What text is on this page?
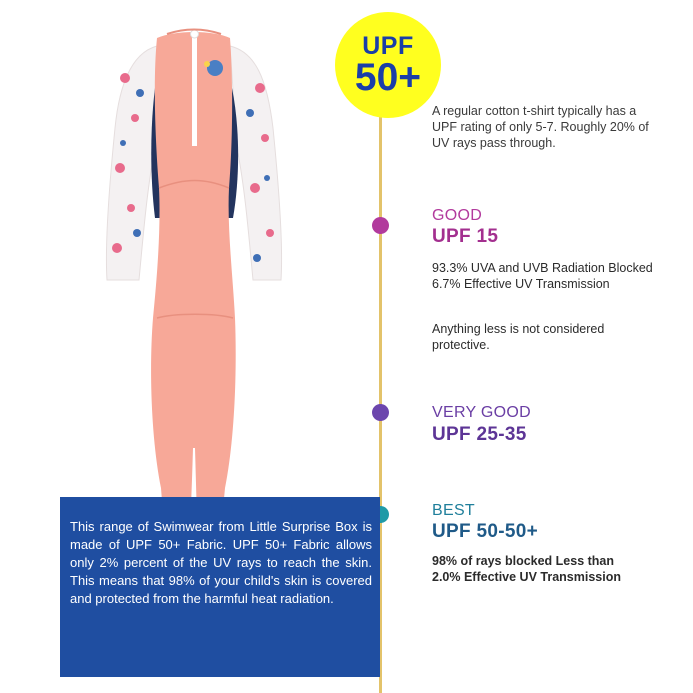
UPF
50+
A regular cotton t-shirt typically has a UPF rating of only 5-7. Roughly 20% of UV rays pass through.
GOOD
UPF 15
93.3% UVA and UVB Radiation Blocked 6.7% Effective UV Transmission
Anything less is not considered protective.
VERY GOOD
UPF 25-35
BEST
UPF 50-50+
98% of rays blocked Less than 2.0% Effective UV Transmission
This range of Swimwear from Little Surprise Box is made of UPF 50+ Fabric. UPF 50+ Fabric allows only 2% percent of the UV rays to reach the skin. This means that 98% of your child's skin is covered and protected from the harmful heat radiation.
